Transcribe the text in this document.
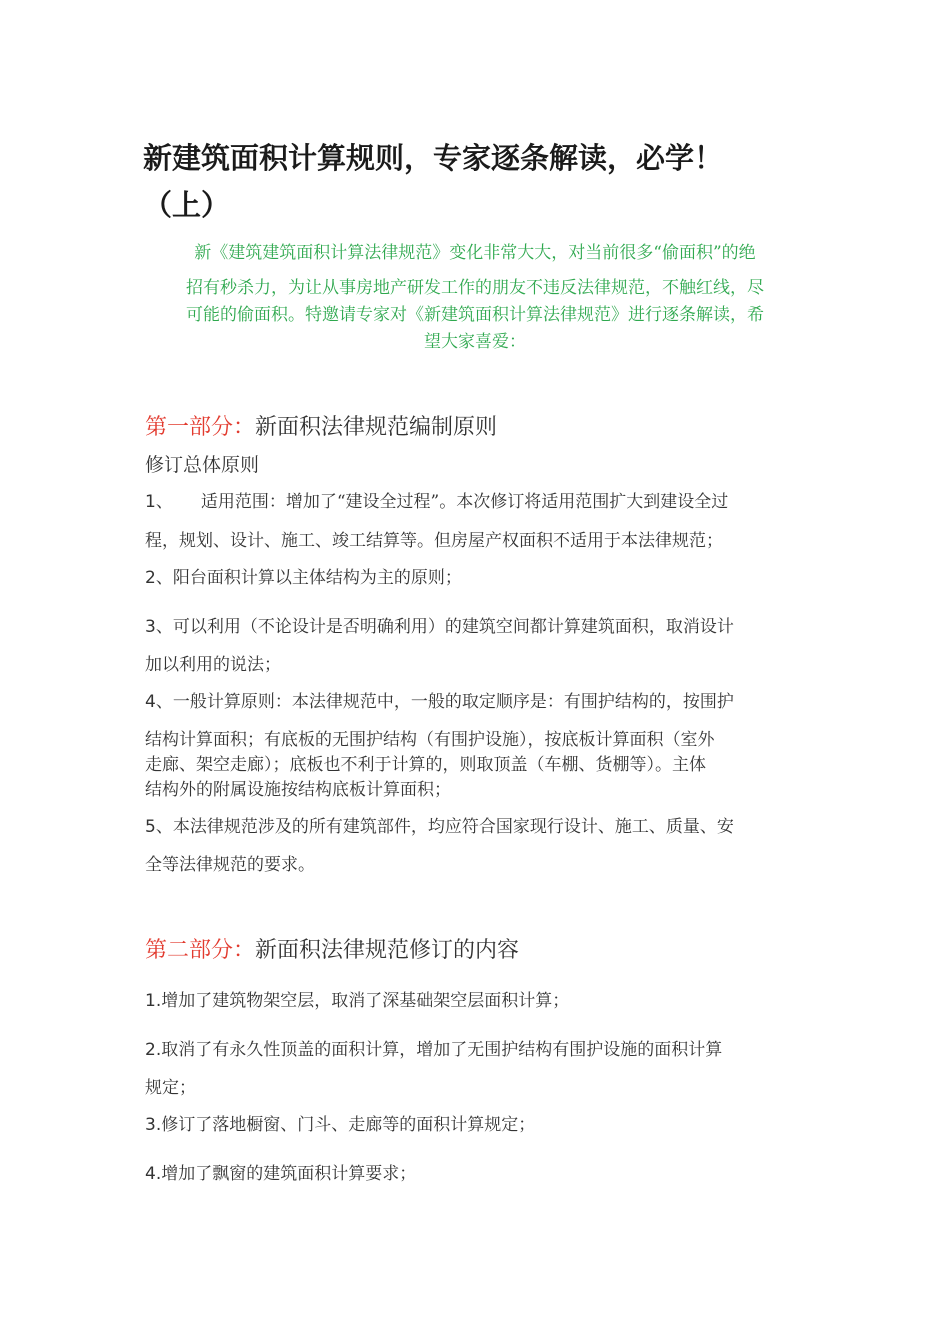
新建筑面积计算规则，专家逐条解读，必学！
（上）
新《建筑建筑面积计算法律规范》变化非常大大，对当前很多“偷面积”的绝
招有秒杀力，为让从事房地产研发工作的朋友不违反法律规范，不触红线，尽
可能的偷面积。特邀请专家对《新建筑面积计算法律规范》进行逐条解读，希
望大家喜爱：
第一部分：新面积法律规范编制原则
修订总体原则
1、 适用范围：增加了“建设全过程”。本次修订将适用范围扩大到建设全过
程，规划、设计、施工、竣工结算等。但房屋产权面积不适用于本法律规范；
2、阳台面积计算以主体结构为主的原则；
3、可以利用（不论设计是否明确利用）的建筑空间都计算建筑面积，取消设计
加以利用的说法；
4、一般计算原则：本法律规范中，一般的取定顺序是：有围护结构的，按围护
结构计算面积；有底板的无围护结构（有围护设施），按底板计算面积（室外
走廊、架空走廊）；底板也不利于计算的，则取顶盖（车棚、货棚等）。主体
结构外的附属设施按结构底板计算面积；
5、本法律规范涉及的所有建筑部件，均应符合国家现行设计、施工、质量、安
全等法律规范的要求。
第二部分：新面积法律规范修订的内容
1.增加了建筑物架空层，取消了深基础架空层面积计算；
2.取消了有永久性顶盖的面积计算，增加了无围护结构有围护设施的面积计算
规定；
3.修订了落地橱窗、门斗、走廊等的面积计算规定；
4.增加了飘窗的建筑面积计算要求；
